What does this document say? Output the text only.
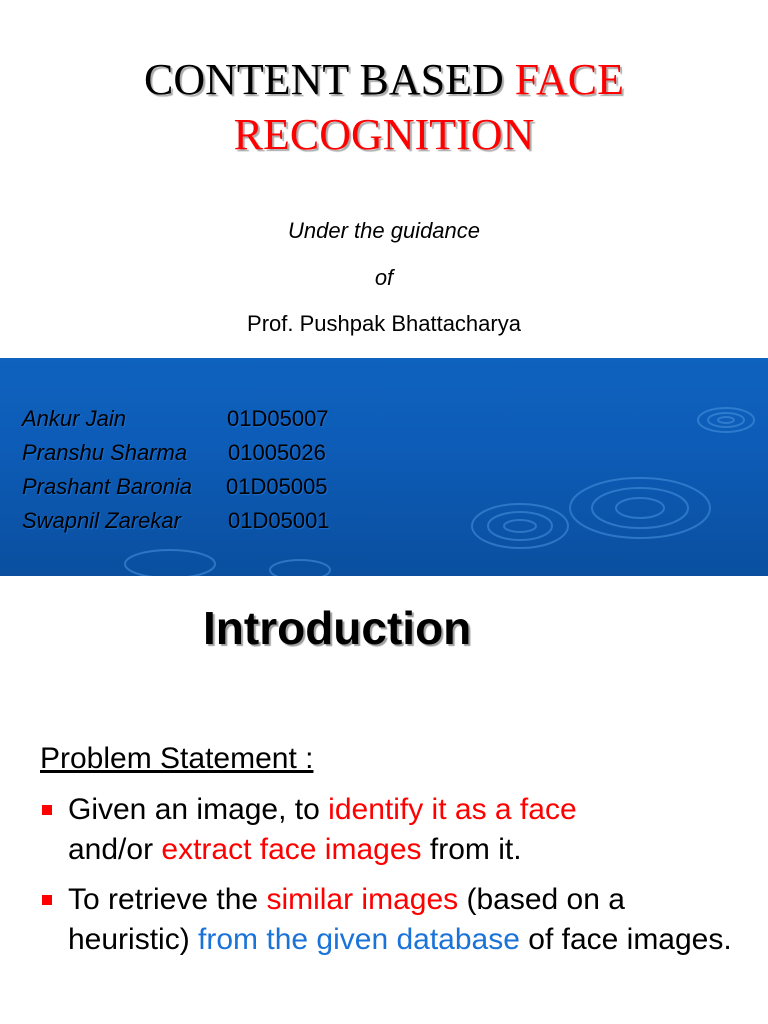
CONTENT BASED FACE
RECOGNITION
Under the guidance
of
Prof. Pushpak Bhattacharya
Ankur Jain	01D05007
Pranshu Sharma	01005026
Prashant Baronia	01D05005
Swapnil Zarekar	01D05001
Introduction
Problem Statement :
Given an image, to identify it as a face
and/or extract face images from it.
To retrieve the similar images (based on a heuristic) from the given database of face images.
